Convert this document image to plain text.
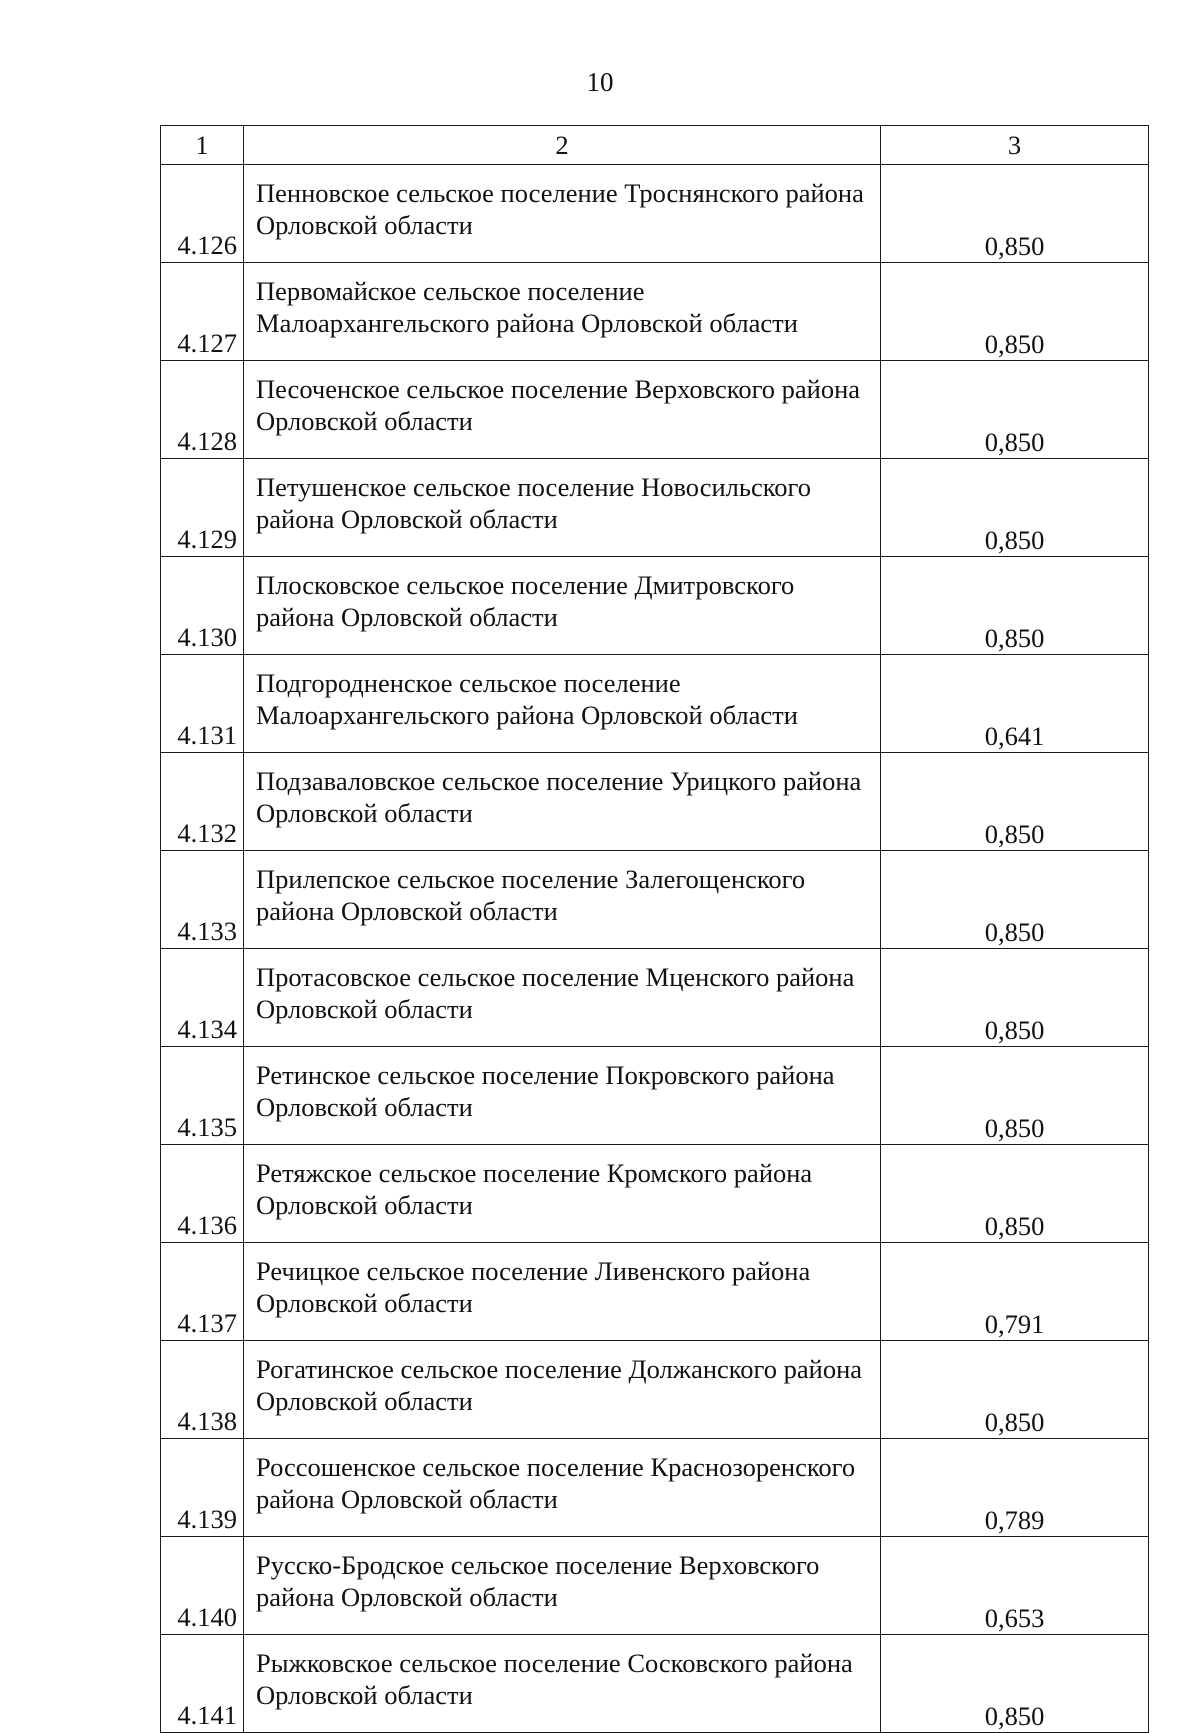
10
1	2	3
4.126	Пенновское сельское поселение Троснянского района Орловской области	0,850
4.127	Первомайское сельское поселение Малоархангельского района Орловской области	0,850
4.128	Песоченское сельское поселение Верховского района Орловской области	0,850
4.129	Петушенское сельское поселение Новосильского района Орловской области	0,850
4.130	Плосковское сельское поселение Дмитровского района Орловской области	0,850
4.131	Подгородненское сельское поселение Малоархангельского района Орловской области	0,641
4.132	Подзаваловское сельское поселение Урицкого района Орловской области	0,850
4.133	Прилепское сельское поселение Залегощенского района Орловской области	0,850
4.134	Протасовское сельское поселение Мценского района Орловской области	0,850
4.135	Ретинское сельское поселение Покровского района Орловской области	0,850
4.136	Ретяжское сельское поселение Кромского района Орловской области	0,850
4.137	Речицкое сельское поселение Ливенского района Орловской области	0,791
4.138	Рогатинское сельское поселение Должанского района Орловской области	0,850
4.139	Россошенское сельское поселение Краснозоренского района Орловской области	0,789
4.140	Русско-Бродское сельское поселение Верховского района Орловской области	0,653
4.141	Рыжковское сельское поселение Сосковского района Орловской области	0,850
